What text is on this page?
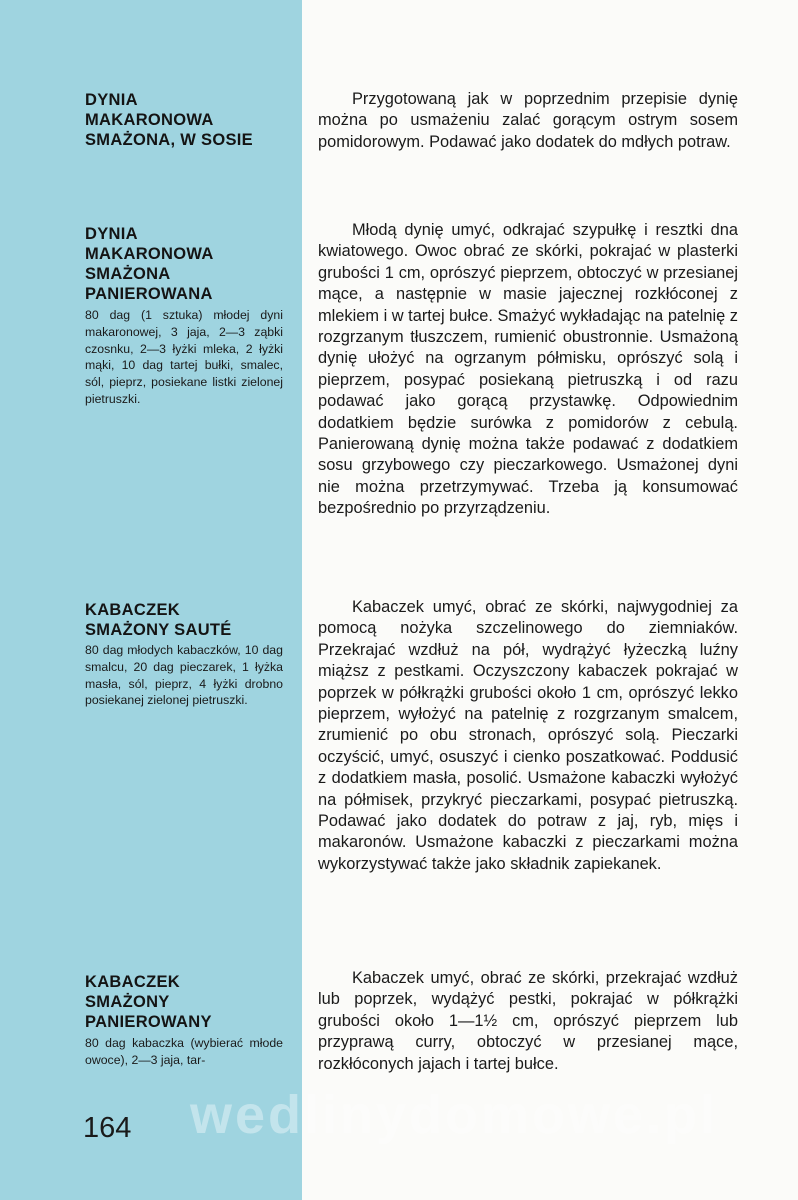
DYNIA
MAKARONOWA
SMAŻONA, W SOSIE

Przygotowaną jak w poprzednim przepisie dynię można po usmażeniu zalać gorącym ostrym sosem pomidorowym. Podawać jako dodatek do mdłych potraw.

DYNIA
MAKARONOWA
SMAŻONA
PANIEROWANA

80 dag (1 sztuka) młodej dyni makaronowej, 3 jaja, 2—3 ząbki czosnku, 2—3 łyżki mleka, 2 łyżki mąki, 10 dag tartej bułki, smalec, sól, pieprz, posiekane listki zielonej pietruszki.

Młodą dynię umyć, odkrajać szypułkę i resztki dna kwiatowego. Owoc obrać ze skórki, pokrajać w plasterki grubości 1 cm, oprószyć pieprzem, obtoczyć w przesianej mące, a następnie w masie jajecznej rozkłóconej z mlekiem i w tartej bułce. Smażyć wykładając na patelnię z rozgrzanym tłuszczem, rumienić obustronnie. Usmażoną dynię ułożyć na ogrzanym półmisku, oprószyć solą i pieprzem, posypać posiekaną pietruszką i od razu podawać jako gorącą przystawkę. Odpowiednim dodatkiem będzie surówka z pomidorów z cebulą. Panierowaną dynię można także podawać z dodatkiem sosu grzybowego czy pieczarkowego. Usmażonej dyni nie można przetrzymywać. Trzeba ją konsumować bezpośrednio po przyrządzeniu.

KABACZEK
SMAŻONY SAUTÉ

80 dag młodych kabaczków, 10 dag smalcu, 20 dag pieczarek, 1 łyżka masła, sól, pieprz, 4 łyżki drobno posiekanej zielonej pietruszki.

Kabaczek umyć, obrać ze skórki, najwygodniej za pomocą nożyka szczelinowego do ziemniaków. Przekrajać wzdłuż na pół, wydrążyć łyżeczką luźny miąższ z pestkami. Oczyszczony kabaczek pokrajać w poprzek w półkrążki grubości około 1 cm, oprószyć lekko pieprzem, wyłożyć na patelnię z rozgrzanym smalcem, zrumienić po obu stronach, oprószyć solą. Pieczarki oczyścić, umyć, osuszyć i cienko poszatkować. Poddusić z dodatkiem masła, posolić. Usmażone kabaczki wyłożyć na półmisek, przykryć pieczarkami, posypać pietruszką. Podawać jako dodatek do potraw z jaj, ryb, mięs i makaronów. Usmażone kabaczki z pieczarkami można wykorzystywać także jako składnik zapiekanek.

KABACZEK
SMAŻONY
PANIEROWANY

80 dag kabaczka (wybierać młode owoce), 2—3 jaja, tar-

Kabaczek umyć, obrać ze skórki, przekrajać wzdłuż lub poprzek, wydążyć pestki, pokrajać w półkrążki grubości około 1—1½ cm, oprószyć pieprzem lub przyprawą curry, obtoczyć w przesianej mące, rozkłóconych jajach i tartej bułce.

wedlinydomowe.pl
164
